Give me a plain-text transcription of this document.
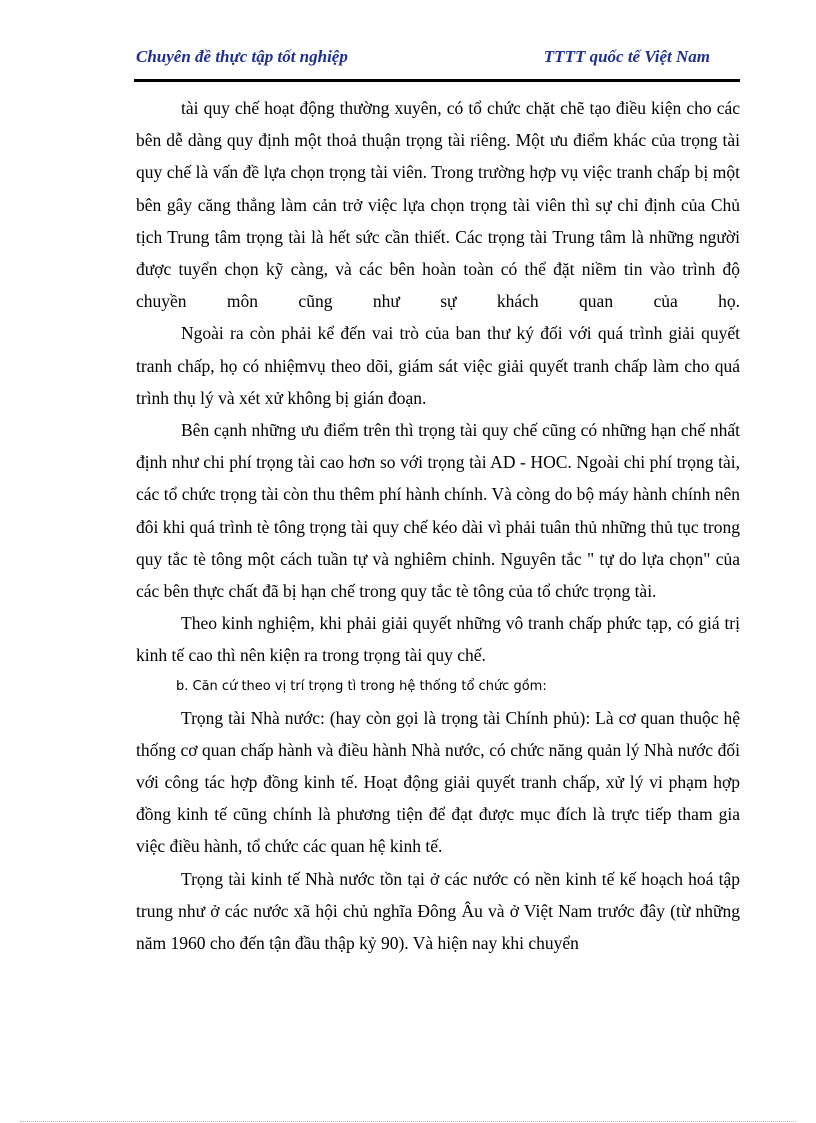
Chuyên đề thực tập tốt nghiệp	TTTT quốc tế Việt Nam

tài quy chế hoạt động thường xuyên, có tổ chức chặt chẽ tạo điều kiện cho các bên dễ dàng quy định một thoả thuận trọng tài riêng. Một ưu điểm khác của trọng tài quy chế là vấn đề lựa chọn trọng tài viên. Trong trường hợp vụ việc tranh chấp bị một bên gây căng thẳng làm cản trở việc lựa chọn trọng tài viên thì sự chỉ định của Chủ tịch Trung tâm trọng tài là hết sức cần thiết. Các trọng tài Trung tâm là những người được tuyển chọn kỹ càng, và các bên hoàn toàn có thể đặt niềm tin vào trình độ chuyền môn cũng như sự khách quan của họ.

Ngoài ra còn phải kể đến vai trò của ban thư ký đối với quá trình giải quyết tranh chấp, họ có nhiệmvụ theo dõi, giám sát việc giải quyết tranh chấp làm cho quá trình thụ lý và xét xử không bị gián đoạn.

Bên cạnh những ưu điểm trên thì trọng tài quy chế cũng có những hạn chế nhất định như chi phí trọng tài cao hơn so với trọng tài AD - HOC. Ngoài chi phí trọng tài, các tổ chức trọng tài còn thu thêm phí hành chính. Và còng do bộ máy hành chính nên đôi khi quá trình tè tông trọng tài quy chế kéo dài vì phải tuân thủ những thủ tục trong quy tắc tè tông một cách tuần tự và nghiêm chỉnh. Nguyên tắc " tự do lựa chọn" của các bên thực chất đã bị hạn chế trong quy tắc tè tông của tổ chức trọng tài.

Theo kinh nghiệm, khi phải giải quyết những vô tranh chấp phức tạp, có giá trị kinh tế cao thì nên kiện ra trong trọng tài quy chế.

b. Căn cứ theo vị trí trọng tì trong hệ thống tổ chức gồm:

Trọng tài Nhà nước: (hay còn gọi là trọng tài Chính phủ): Là cơ quan thuộc hệ thống cơ quan chấp hành và điều hành Nhà nước, có chức năng quản lý Nhà nước đối với công tác hợp đồng kinh tế. Hoạt động giải quyết tranh chấp, xử lý vi phạm hợp đồng kinh tế cũng chính là phương tiện để đạt được mục đích là trực tiếp tham gia việc điều hành, tổ chức các quan hệ kinh tế.

Trọng tài kinh tế Nhà nước tồn tại ở các nước có nền kinh tế kế hoạch hoá tập trung như ở các nước xã hội chủ nghĩa Đông Âu và ở Việt Nam trước đây (từ những năm 1960 cho đến tận đầu thập kỷ 90). Và hiện nay khi chuyển
